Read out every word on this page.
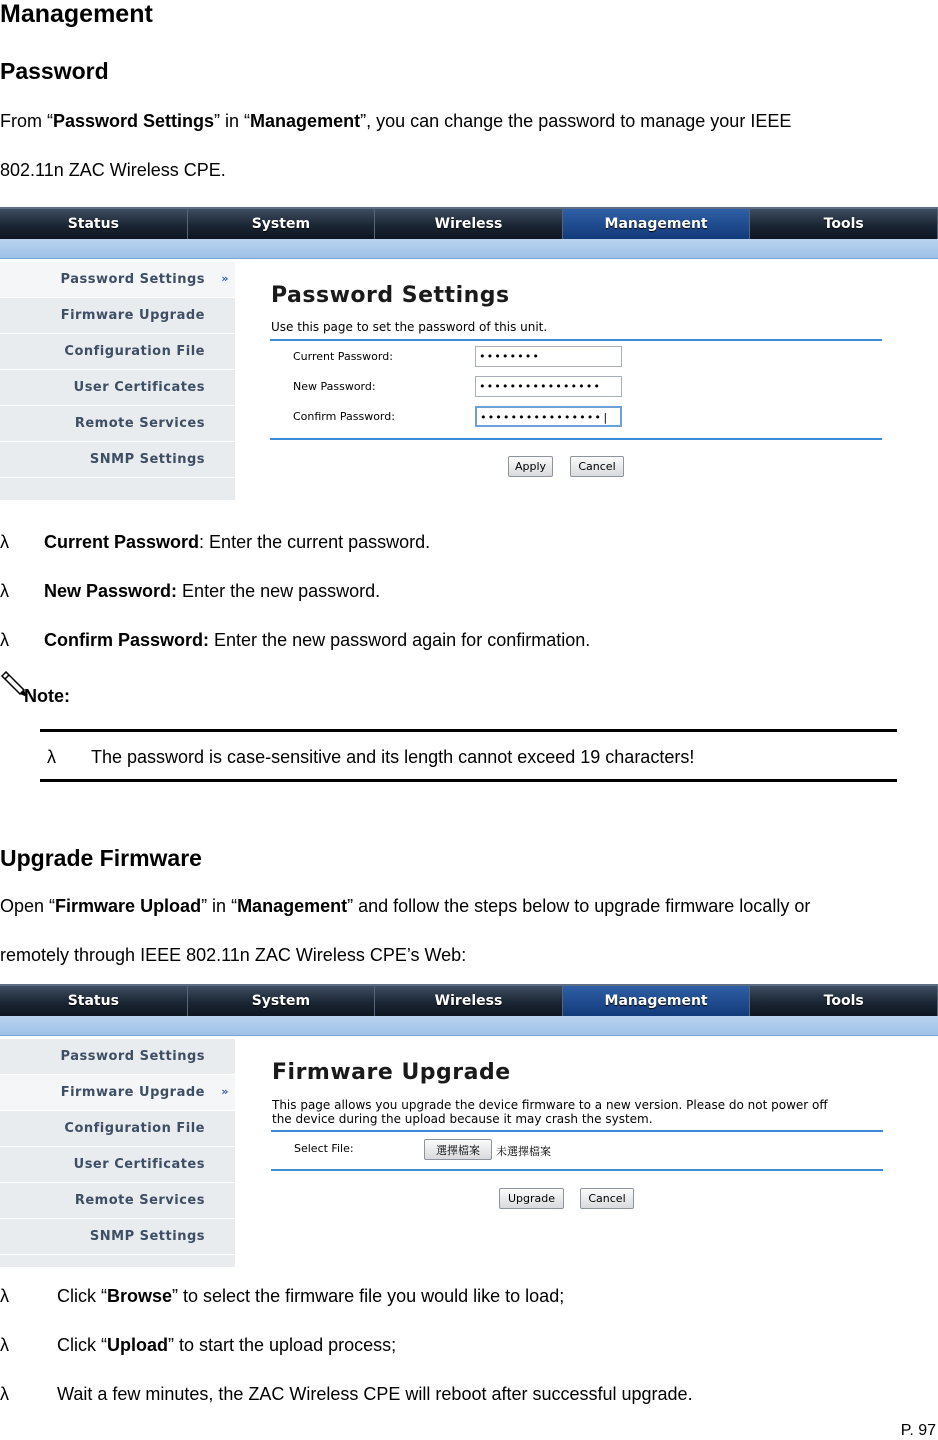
Management
Password
From “Password Settings” in “Management”, you can change the password to manage your IEEE
802.11n ZAC Wireless CPE.
Status	System	Wireless	Management	Tools
Password Settings »
Firmware Upgrade
Configuration File
User Certificates
Remote Services
SNMP Settings
Password Settings
Use this page to set the password of this unit.
Current Password:	••••••••
New Password:	••••••••••••••••
Confirm Password:	••••••••••••••••|
Apply	Cancel
λ	Current Password : Enter the current password.
λ	New Password: Enter the new password.
λ	Confirm Password: Enter the new password again for confirmation.
Note:
λ The password is case-sensitive and its length cannot exceed 19 characters!
Upgrade Firmware
Open “Firmware Upload” in “Management” and follow the steps below to upgrade firmware locally or
remotely through IEEE 802.11n ZAC Wireless CPE’s Web:
Status	System	Wireless	Management	Tools
Password Settings
Firmware Upgrade »
Configuration File
User Certificates
Remote Services
SNMP Settings
Firmware Upgrade
This page allows you upgrade the device firmware to a new version. Please do not power off
the device during the upload because it may crash the system.
Select File:	選擇檔案	未選擇檔案
Upgrade	Cancel
λ	Click “ Browse ” to select the firmware file you would like to load;
λ	Click “ Upload ” to start the upload process;
λ	Wait a few minutes, the ZAC Wireless CPE will reboot after successful upgrade.
P. 97
